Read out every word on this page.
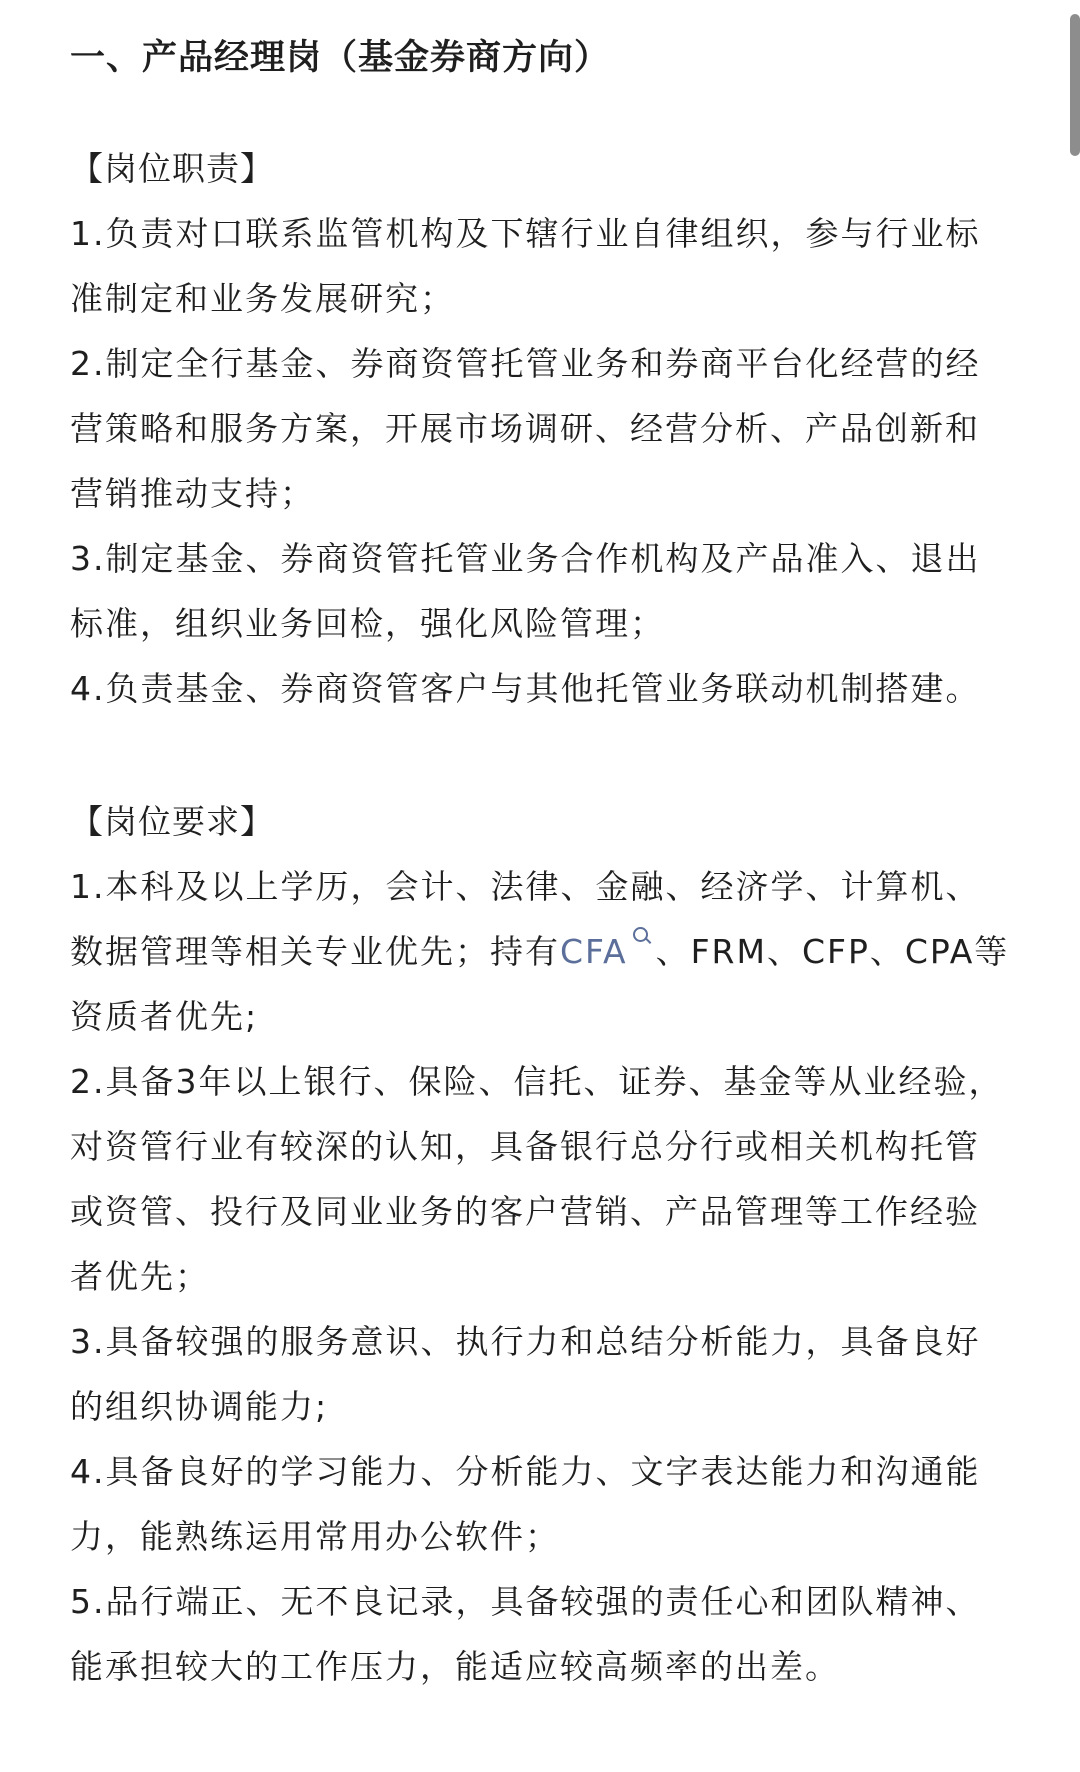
一、产品经理岗（基金券商方向）
【岗位职责】

1.负责对口联系监管机构及下辖行业自律组织，参与行业标准制定和业务发展研究；

2.制定全行基金、券商资管托管业务和券商平台化经营的经营策略和服务方案，开展市场调研、经营分析、产品创新和营销推动支持；

3.制定基金、券商资管托管业务合作机构及产品准入、退出标准，组织业务回检，强化风险管理；

4.负责基金、券商资管客户与其他托管业务联动机制搭建。

【岗位要求】

1.本科及以上学历，会计、法律、金融、经济学、计算机、数据管理等相关专业优先；持有CFA 、FRM、CFP、CPA等资质者优先;

2.具备3年以上银行、保险、信托、证券、基金等从业经验，对资管行业有较深的认知，具备银行总分行或相关机构托管或资管、投行及同业业务的客户营销、产品管理等工作经验者优先；

3.具备较强的服务意识、执行力和总结分析能力，具备良好的组织协调能力;

4.具备良好的学习能力、分析能力、文字表达能力和沟通能力，能熟练运用常用办公软件；

5.品行端正、无不良记录，具备较强的责任心和团队精神、能承担较大的工作压力，能适应较高频率的出差。
